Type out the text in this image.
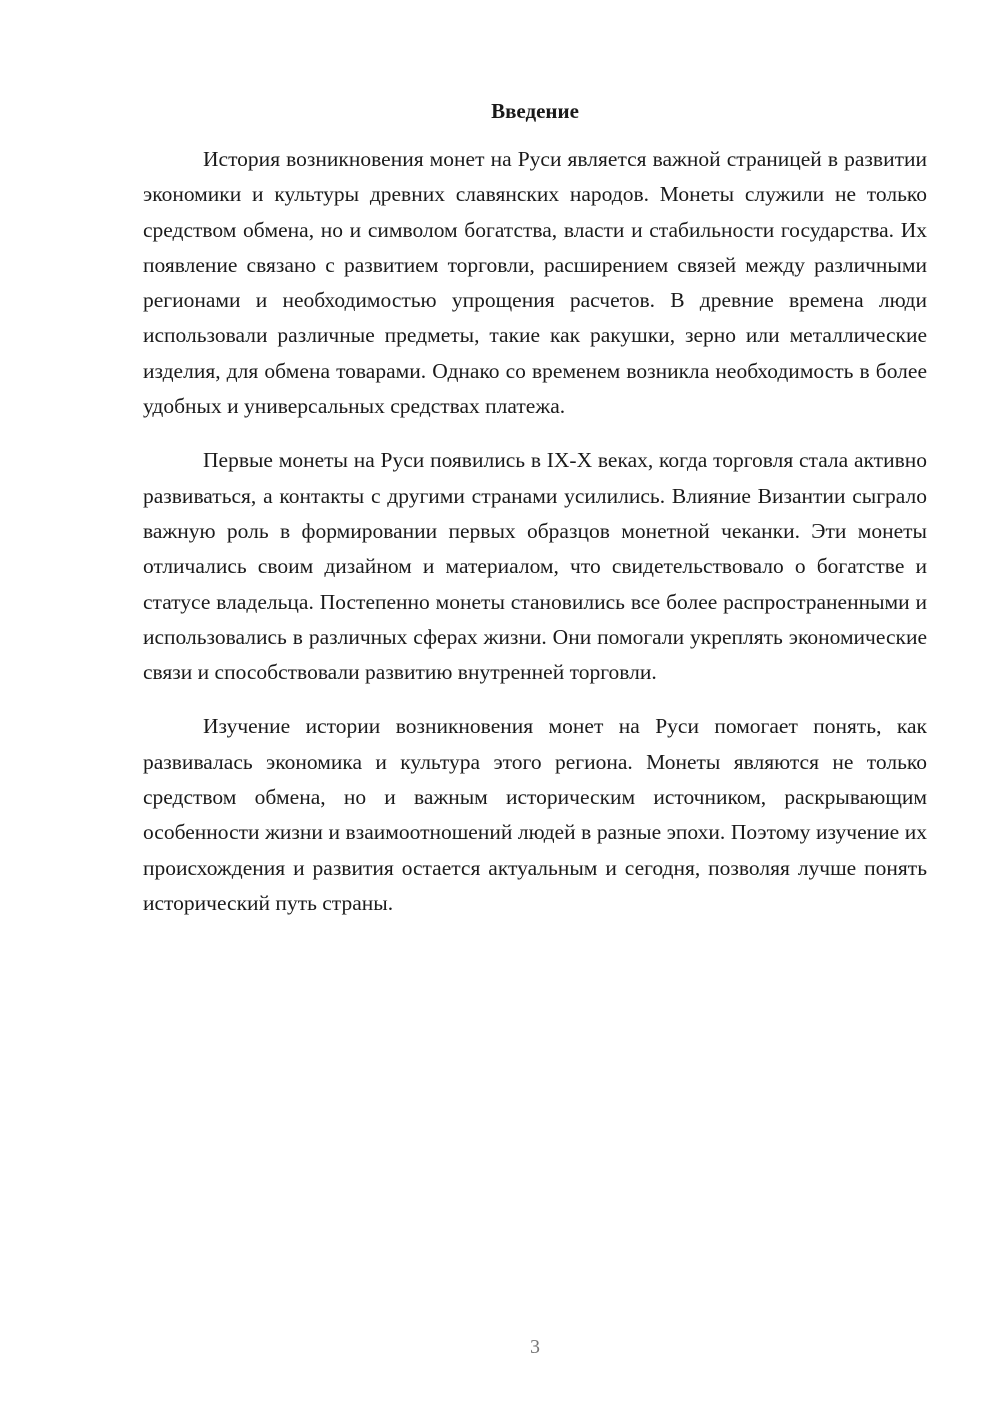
Введение

История возникновения монет на Руси является важной страницей в развитии экономики и культуры древних славянских народов. Монеты служили не только средством обмена, но и символом богатства, власти и стабильности государства. Их появление связано с развитием торговли, расширением связей между различными регионами и необходимостью упрощения расчетов. В древние времена люди использовали различные предметы, такие как ракушки, зерно или металлические изделия, для обмена товарами. Однако со временем возникла необходимость в более удобных и универсальных средствах платежа.

Первые монеты на Руси появились в IX-X веках, когда торговля стала активно развиваться, а контакты с другими странами усилились. Влияние Византии сыграло важную роль в формировании первых образцов монетной чеканки. Эти монеты отличались своим дизайном и материалом, что свидетельствовало о богатстве и статусе владельца. Постепенно монеты становились все более распространенными и использовались в различных сферах жизни. Они помогали укреплять экономические связи и способствовали развитию внутренней торговли.

Изучение истории возникновения монет на Руси помогает понять, как развивалась экономика и культура этого региона. Монеты являются не только средством обмена, но и важным историческим источником, раскрывающим особенности жизни и взаимоотношений людей в разные эпохи. Поэтому изучение их происхождения и развития остается актуальным и сегодня, позволяя лучше понять исторический путь страны.

3
